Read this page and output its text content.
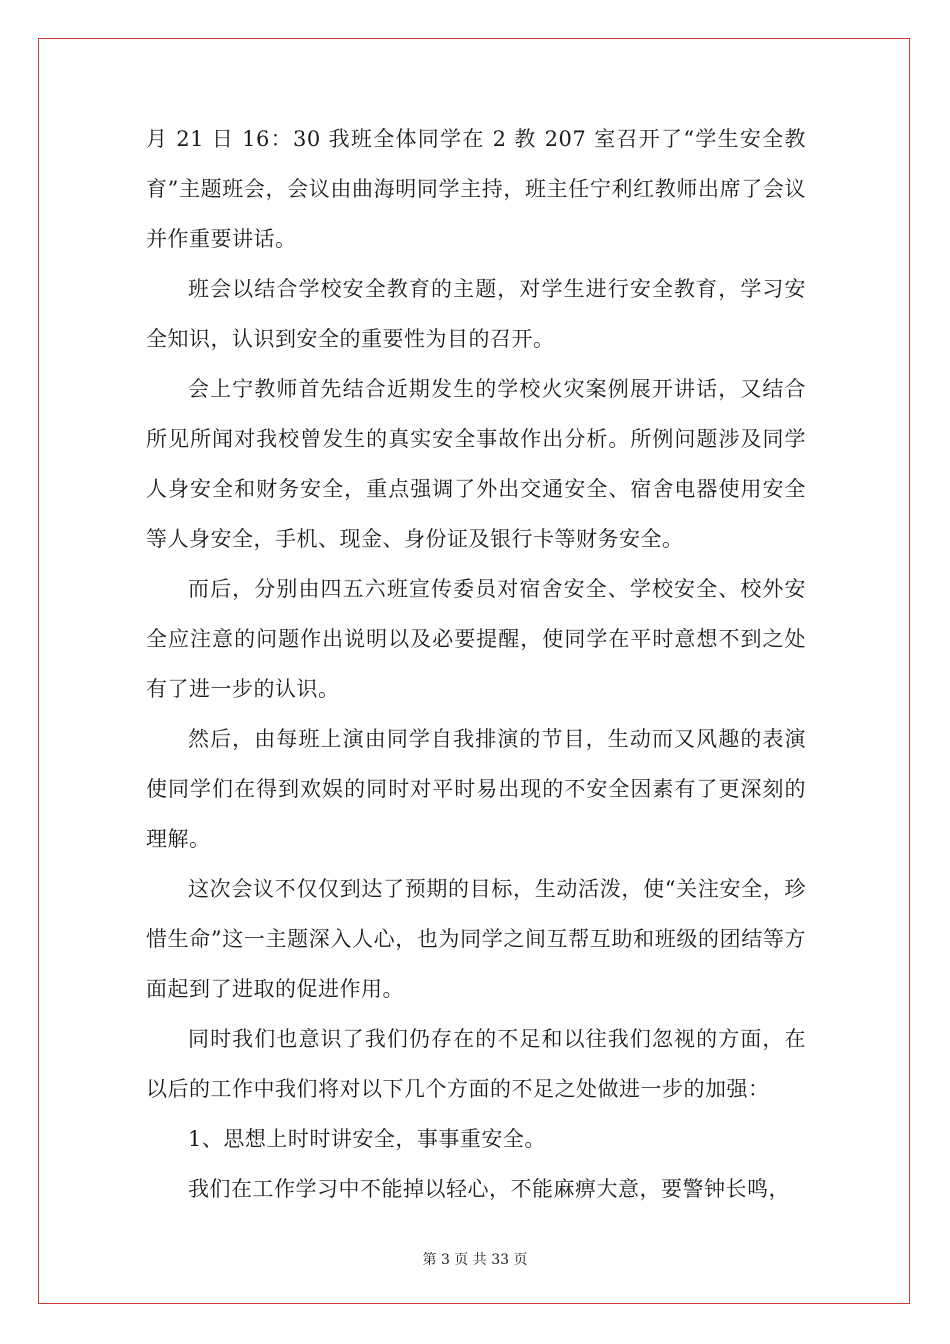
月 21 日 16：30 我班全体同学在 2 教 207 室召开了“学生安全教育”主题班会，会议由曲海明同学主持，班主任宁利红教师出席了会议并作重要讲话。

班会以结合学校安全教育的主题，对学生进行安全教育，学习安全知识，认识到安全的重要性为目的召开。

会上宁教师首先结合近期发生的学校火灾案例展开讲话，又结合所见所闻对我校曾发生的真实安全事故作出分析。所例问题涉及同学人身安全和财务安全，重点强调了外出交通安全、宿舍电器使用安全等人身安全，手机、现金、身份证及银行卡等财务安全。

而后，分别由四五六班宣传委员对宿舍安全、学校安全、校外安全应注意的问题作出说明以及必要提醒，使同学在平时意想不到之处有了进一步的认识。

然后，由每班上演由同学自我排演的节目，生动而又风趣的表演使同学们在得到欢娱的同时对平时易出现的不安全因素有了更深刻的理解。

这次会议不仅仅到达了预期的目标，生动活泼，使“关注安全，珍惜生命”这一主题深入人心，也为同学之间互帮互助和班级的团结等方面起到了进取的促进作用。

同时我们也意识了我们仍存在的不足和以往我们忽视的方面，在以后的工作中我们将对以下几个方面的不足之处做进一步的加强：

1、思想上时时讲安全，事事重安全。

我们在工作学习中不能掉以轻心，不能麻痹大意，要警钟长鸣，

第 3 页 共 33 页
